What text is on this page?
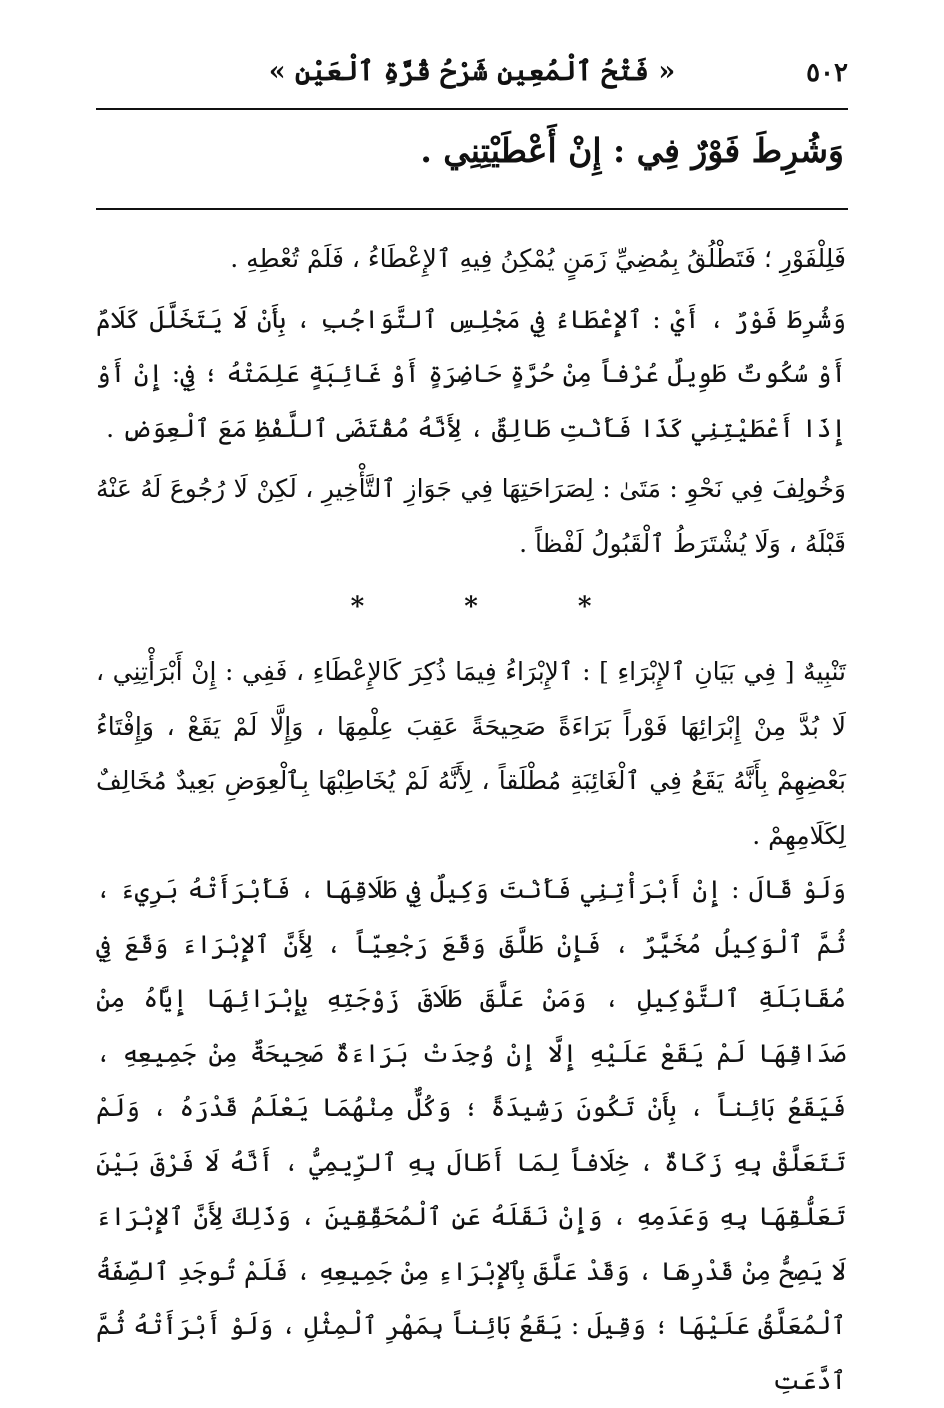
٥٠٢
« فَتْحُ ٱلْمُعِينِ شَرْحُ قُرَّةِ ٱلْعَيْنِ »
وَشُرِطَ فَوْرٌ فِي : إِنْ أَعْطَيْتِنِي .

فَلِلْفَوْرِ ؛ فَتَطْلُقُ بِمُضِيِّ زَمَنٍ يُمْكِنُ فِيهِ ٱلإِعْطَاءُ ، فَلَمْ تُعْطِهِ .

وَشُرِطَ فَوْرٌ ، أَيْ : ٱلإِعْطَاءُ فِي مَجْلِسِ ٱلتَّوَاجُبِ ، بِأَنْ لَا يَتَخَلَّلَ كَلَامٌ أَوْ سُكُوتٌ طَوِيلٌ عُرْفاً مِنْ حُرَّةٍ حَاضِرَةٍ أَوْ غَائِبَةٍ عَلِمَتْهُ ؛ فِي: إِنْ أَوْ إِذَا أَعْطَيْتِنِي كَذَا فَأَنْتِ طَالِقٌ ، لِأَنَّهُ مُقْتَضَى ٱللَّفْظِ مَعَ ٱلْعِوَضِ .

وَخُولِفَ فِي نَحْوِ : مَتَىٰ : لِصَرَاحَتِهَا فِي جَوَازِ ٱلتَّأْخِيرِ ، لَكِنْ لَا رُجُوعَ لَهُ عَنْهُ قَبْلَهُ ، وَلَا يُشْتَرَطُ ٱلْقَبُولُ لَفْظاً .

*
*
*

تَنْبِيهٌ [ فِي بَيَانِ ٱلإِبْرَاءِ ] : ٱلإِبْرَاءُ فِيمَا ذُكِرَ كَالإِعْطَاءِ ، فَفِي : إِنْ أَبْرَأْتِنِي ، لَا بُدَّ مِنْ إِبْرَائِهَا فَوْراً بَرَاءَةً صَحِيحَةً عَقِبَ عِلْمِهَا ، وَإِلَّا لَمْ يَقَعْ ، وَإِفْتَاءُ بَعْضِهِمْ بِأَنَّهُ يَقَعُ فِي ٱلْغَائِبَةِ مُطْلَقاً ، لِأَنَّهُ لَمْ يُخَاطِبْهَا بِٱلْعِوَضِ بَعِيدٌ مُخَالِفٌ لِكَلَامِهِمْ .

وَلَوْ قَالَ : إِنْ أَبْرَأْتِنِي فَأَنْتَ وَكِيلٌ فِي طَلَاقِهَا ، فَأَبْرَأَتْهُ بَرِيءَ ، ثُمَّ ٱلْوَكِيلُ مُخَيَّرٌ ، فَإِنْ طَلَّقَ وَقَعَ رَجْعِيّاً ، لِأَنَّ ٱلإِبْرَاءَ وَقَعَ فِي مُقَابَلَةِ ٱلتَّوْكِيلِ ، وَمَنْ عَلَّقَ طَلَاقَ زَوْجَتِهِ بِإِبْرَائِهَا إِيَّاهُ مِنْ صَدَاقِهَا لَمْ يَقَعْ عَلَيْهِ إِلَّا إِنْ وُجِدَتْ بَرَاءَةٌ صَحِيحَةٌ مِنْ جَمِيعِهِ ، فَيَقَعُ بَائِناً ، بِأَنْ تَكُونَ رَشِيدَةً ؛ وَكُلٌّ مِنْهُمَا يَعْلَمُ قَدْرَهُ ، وَلَمْ تَتَعَلَّقْ بِهِ زَكَاةٌ ، خِلَافاً لِمَا أَطَالَ بِهِ ٱلرِّيمِيُّ ، أَنَّهُ لَا فَرْقَ بَيْنَ تَعَلُّقِهَا بِهِ وَعَدَمِهِ ، وَإِنْ نَقَلَهُ عَنِ ٱلْمُحَقِّقِينَ ، وَذَلِكَ لِأَنَّ ٱلإِبْرَاءَ لَا يَصِحُّ مِنْ قَدْرِهَا ، وَقَدْ عَلَّقَ بِٱلإِبْرَاءِ مِنْ جَمِيعِهِ ، فَلَمْ تُوجَدِ ٱلصِّفَةُ ٱلْمُعَلَّقُ عَلَيْهَا ؛ وَقِيلَ : يَقَعُ بَائِناً بِمَهْرِ ٱلْمِثْلِ ، وَلَوْ أَبْرَأَتْهُ ثُمَّ ٱدَّعَتِ
